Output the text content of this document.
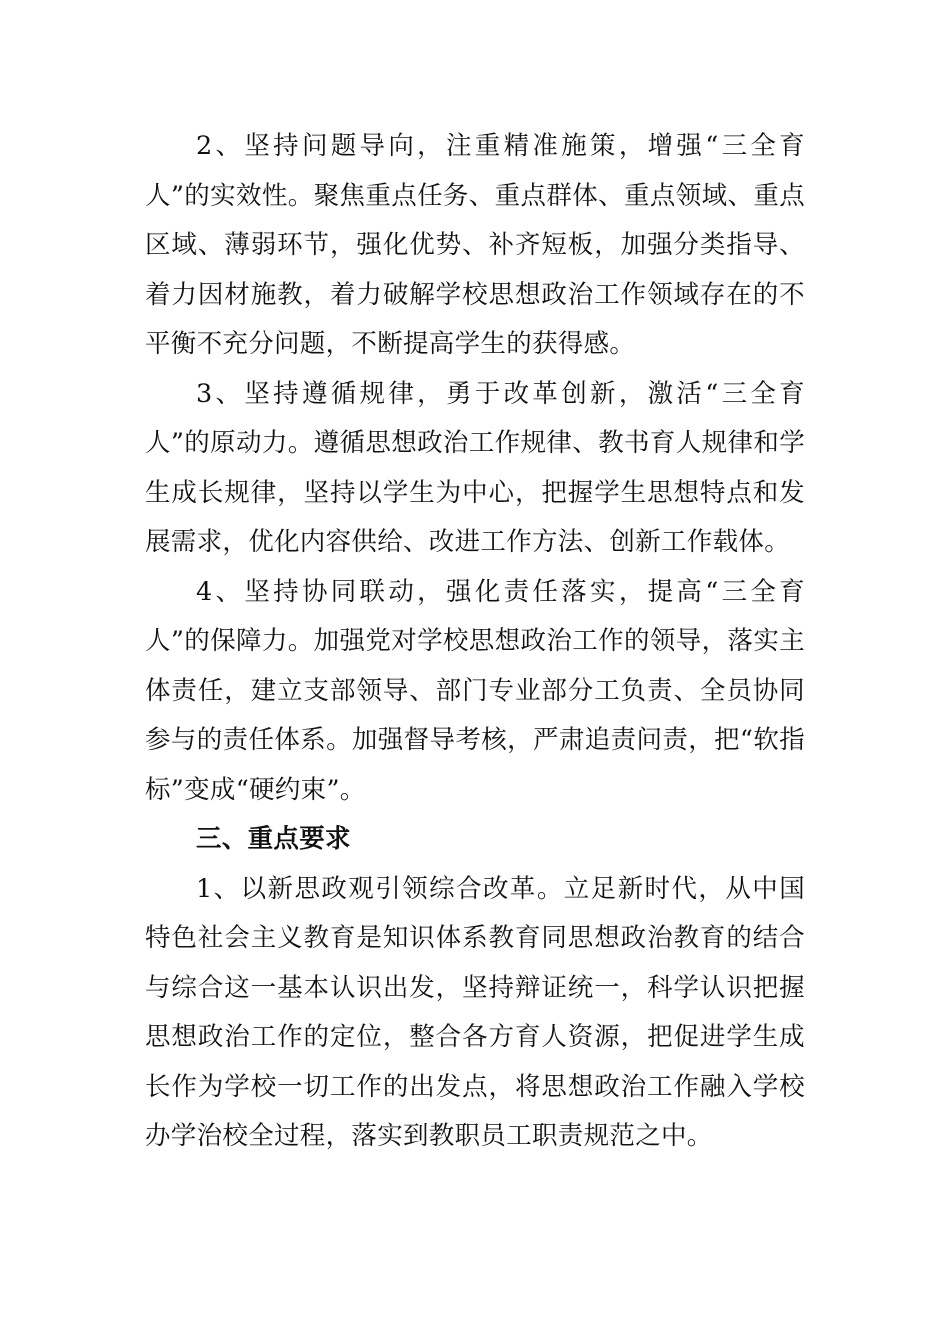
2、坚持问题导向，注重精准施策，增强“三全育人”的实效性。聚焦重点任务、重点群体、重点领域、重点区域、薄弱环节，强化优势、补齐短板，加强分类指导、着力因材施教，着力破解学校思想政治工作领域存在的不平衡不充分问题，不断提高学生的获得感。

3、坚持遵循规律，勇于改革创新，激活“三全育人”的原动力。遵循思想政治工作规律、教书育人规律和学生成长规律，坚持以学生为中心，把握学生思想特点和发展需求，优化内容供给、改进工作方法、创新工作载体。

4、坚持协同联动，强化责任落实，提高“三全育人”的保障力。加强党对学校思想政治工作的领导，落实主体责任，建立支部领导、部门专业部分工负责、全员协同参与的责任体系。加强督导考核，严肃追责问责，把“软指标”变成“硬约束”。

三、重点要求

1、以新思政观引领综合改革。立足新时代，从中国特色社会主义教育是知识体系教育同思想政治教育的结合与综合这一基本认识出发，坚持辩证统一，科学认识把握思想政治工作的定位，整合各方育人资源，把促进学生成长作为学校一切工作的出发点，将思想政治工作融入学校办学治校全过程，落实到教职员工职责规范之中。
